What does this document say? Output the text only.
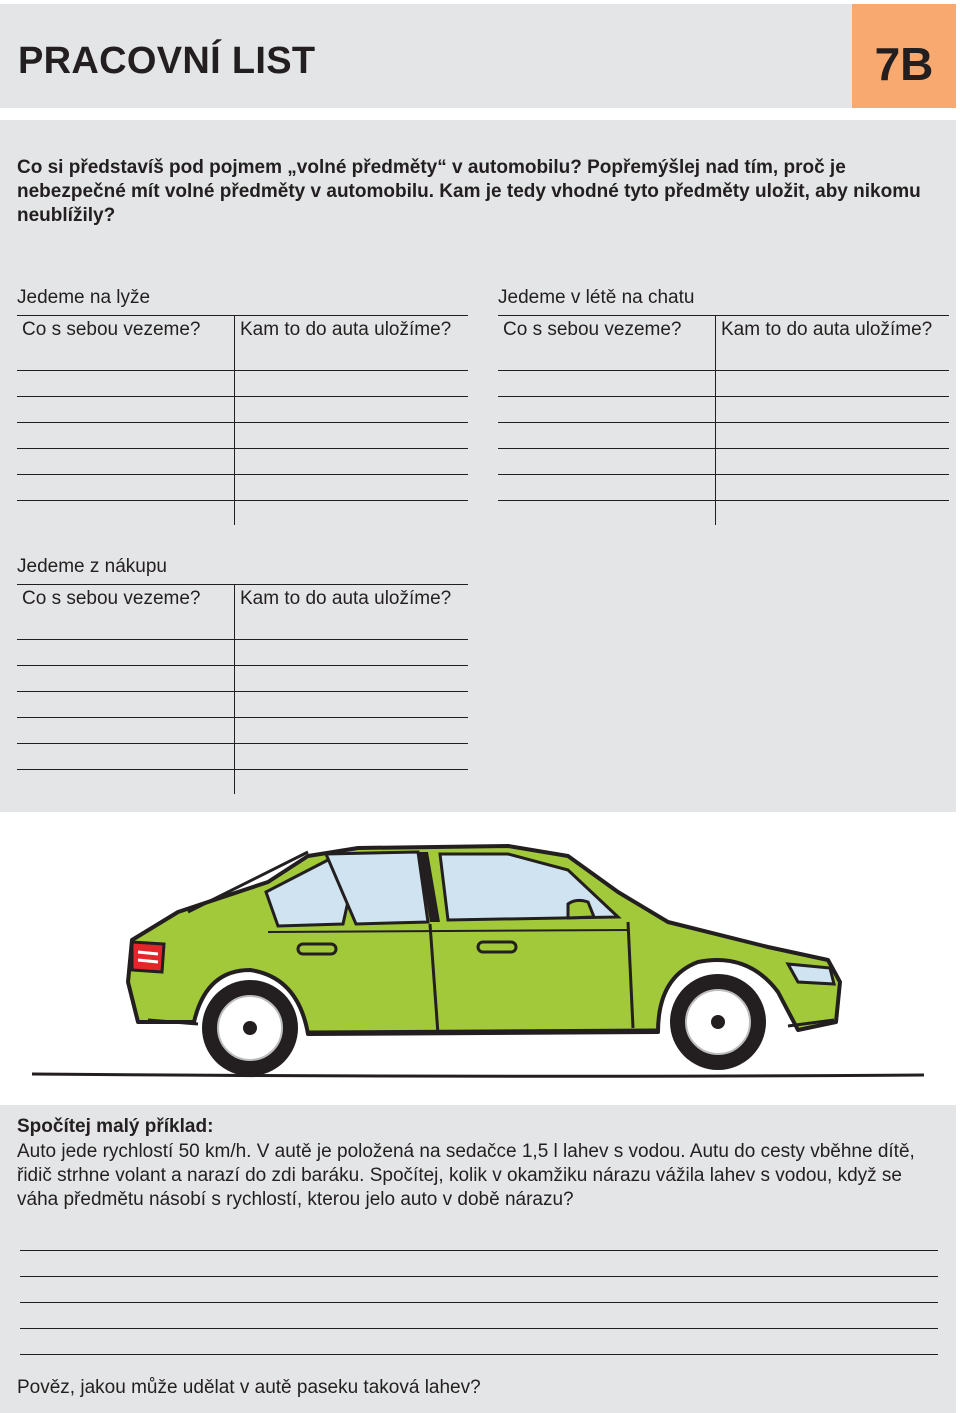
PRACOVNÍ LIST	7B
Co si představíš pod pojmem „volné předměty“ v automobilu? Popřemýšlej nad tím, proč je nebezpečné mít volné předměty v automobilu. Kam je tedy vhodné tyto předměty uložit, aby nikomu neublížily?
Jedeme na lyže
Co s sebou vezeme? Kam to do auta uložíme?
Jedeme v létě na chatu
Co s sebou vezeme? Kam to do auta uložíme?
Jedeme z nákupu
Co s sebou vezeme? Kam to do auta uložíme?
Spočítej malý příklad:
Auto jede rychlostí 50 km/h. V autě je položená na sedačce 1,5 l lahev s vodou. Autu do cesty vběhne dítě, řidič strhne volant a narazí do zdi baráku. Spočítej, kolik v okamžiku nárazu vážila lahev s vodou, když se váha předmětu násobí s rychlostí, kterou jelo auto v době nárazu?
Pověz, jakou může udělat v autě paseku taková lahev?
